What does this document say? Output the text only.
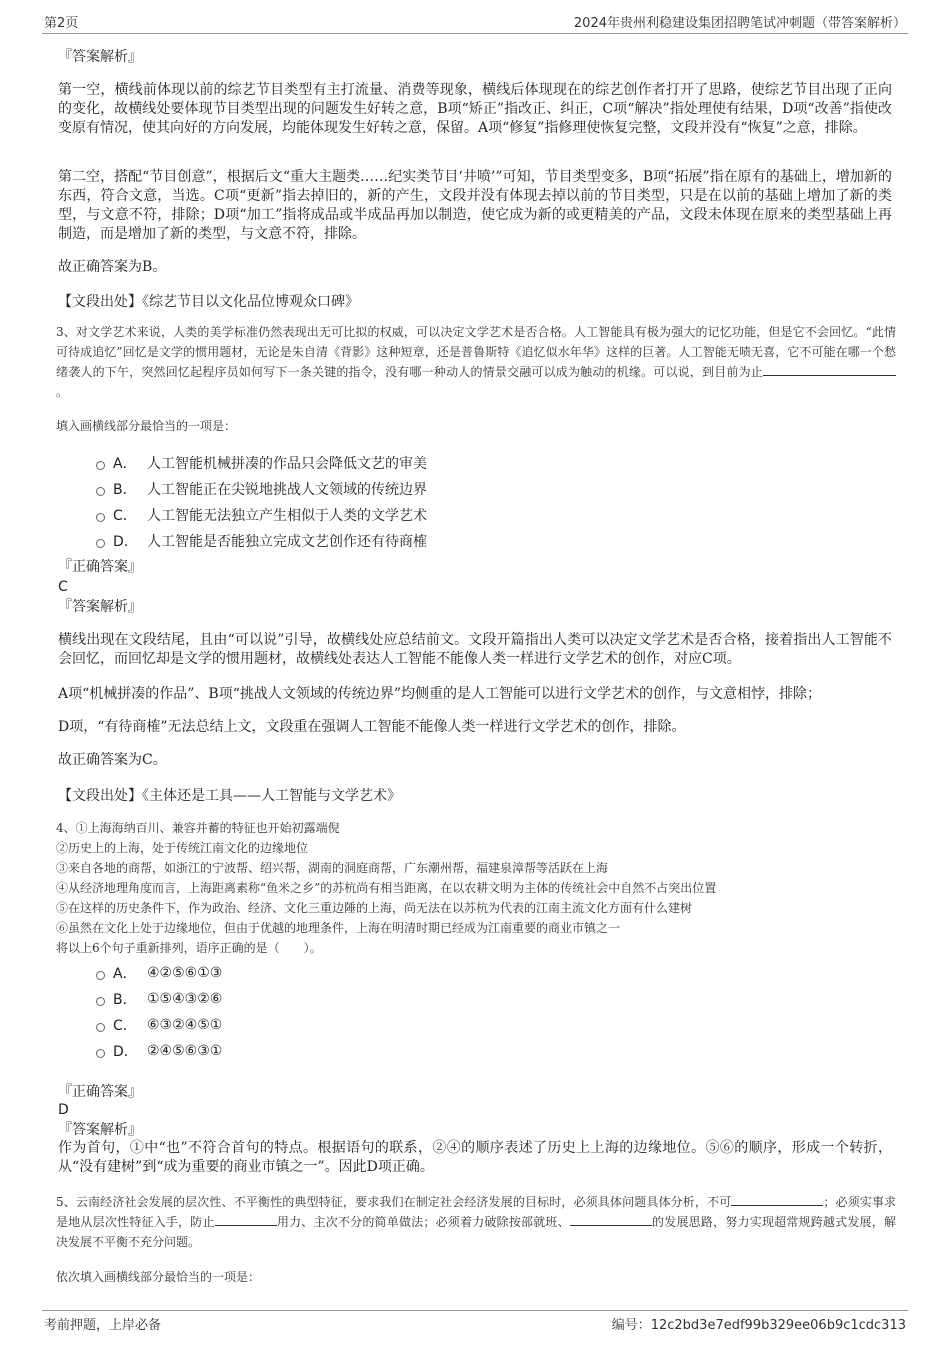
第2页	2024年贵州利稳建设集团招聘笔试冲刺题（带答案解析）
『答案解析』
第一空，横线前体现以前的综艺节目类型有主打流量、消费等现象，横线后体现现在的综艺创作者打开了思路，使综艺节目出现了正向的变化，故横线处要体现节目类型出现的问题发生好转之意，B项“矫正”指改正、纠正，C项“解决”指处理使有结果，D项“改善”指使改变原有情况，使其向好的方向发展，均能体现发生好转之意，保留。A项“修复”指修理使恢复完整，文段并没有“恢复”之意，排除。
第二空，搭配“节目创意”，根据后文“重大主题类……纪实类节目‘井喷’”可知，节目类型变多，B项“拓展”指在原有的基础上，增加新的东西，符合文意，当选。C项“更新”指去掉旧的，新的产生，文段并没有体现去掉以前的节目类型，只是在以前的基础上增加了新的类型，与文意不符，排除；D项“加工”指将成品或半成品再加以制造，使它成为新的或更精美的产品，文段未体现在原来的类型基础上再制造，而是增加了新的类型，与文意不符，排除。
故正确答案为B。
【文段出处】《综艺节目以文化品位博观众口碑》
3、对文学艺术来说，人类的美学标准仍然表现出无可比拟的权威，可以决定文学艺术是否合格。人工智能具有极为强大的记忆功能，但是它不会回忆。“此情可待成追忆”回忆是文学的惯用题材，无论是朱自清《背影》这种短章，还是普鲁斯特《追忆似水年华》这样的巨著。人工智能无啧无喜，它不可能在哪一个愁绪袭人的下午，突然回忆起程序员如何写下一条关键的指令，没有哪一种动人的情景交融可以成为触动的机缘。可以说，到目前为止。
填入画横线部分最恰当的一项是：
A． 人工智能机械拼凑的作品只会降低文艺的审美
B． 人工智能正在尖锐地挑战人文领域的传统边界
C． 人工智能无法独立产生相似于人类的文学艺术
D． 人工智能是否能独立完成文艺创作还有待商榷
『正确答案』
C
『答案解析』
横线出现在文段结尾，且由“可以说”引导，故横线处应总结前文。文段开篇指出人类可以决定文学艺术是否合格，接着指出人工智能不会回忆，而回忆却是文学的惯用题材，故横线处表达人工智能不能像人类一样进行文学艺术的创作，对应C项。
A项“机械拼凑的作品”、B项“挑战人文领域的传统边界”均侧重的是人工智能可以进行文学艺术的创作，与文意相悖，排除；
D项，“有待商榷”无法总结上文，文段重在强调人工智能不能像人类一样进行文学艺术的创作，排除。
故正确答案为C。
【文段出处】《主体还是工具——人工智能与文学艺术》
4、①上海海纳百川、兼容并蓄的特征也开始初露端倪
②历史上的上海，处于传统江南文化的边缘地位
③来自各地的商帮，如浙江的宁波帮、绍兴帮，湖南的洞庭商帮，广东潮州帮，福建泉漳帮等活跃在上海
④从经济地理角度而言，上海距离素称“鱼米之乡”的苏杭尚有相当距离，在以农耕文明为主体的传统社会中自然不占突出位置
⑤在这样的历史条件下，作为政治、经济、文化三重边陲的上海，尚无法在以苏杭为代表的江南主流文化方面有什么建树
⑥虽然在文化上处于边缘地位，但由于优越的地理条件，上海在明清时期已经成为江南重要的商业市镇之一
将以上6个句子重新排列，语序正确的是（　　）。
A． ④②⑤⑥①③
B． ①⑤④③②⑥
C． ⑥③②④⑤①
D． ②④⑤⑥③①
『正确答案』
D
『答案解析』
作为首句，①中“也”不符合首句的特点。根据语句的联系，②④的顺序表述了历史上上海的边缘地位。⑤⑥的顺序，形成一个转折，从“没有建树”到“成为重要的商业市镇之一”。因此D项正确。
5、云南经济社会发展的层次性、不平衡性的典型特征，要求我们在制定社会经济发展的目标时，必须具体问题具体分析，不可	；必须实事求是地从层次性特征入手，防止	用力、主次不分的简单做法；必须着力破除按部就班、	的发展思路，努力实现超常规跨越式发展，解决发展不平衡不充分问题。
依次填入画横线部分最恰当的一项是：
考前押题，上岸必备	编号：12c2bd3e7edf99b329ee06b9c1cdc313
